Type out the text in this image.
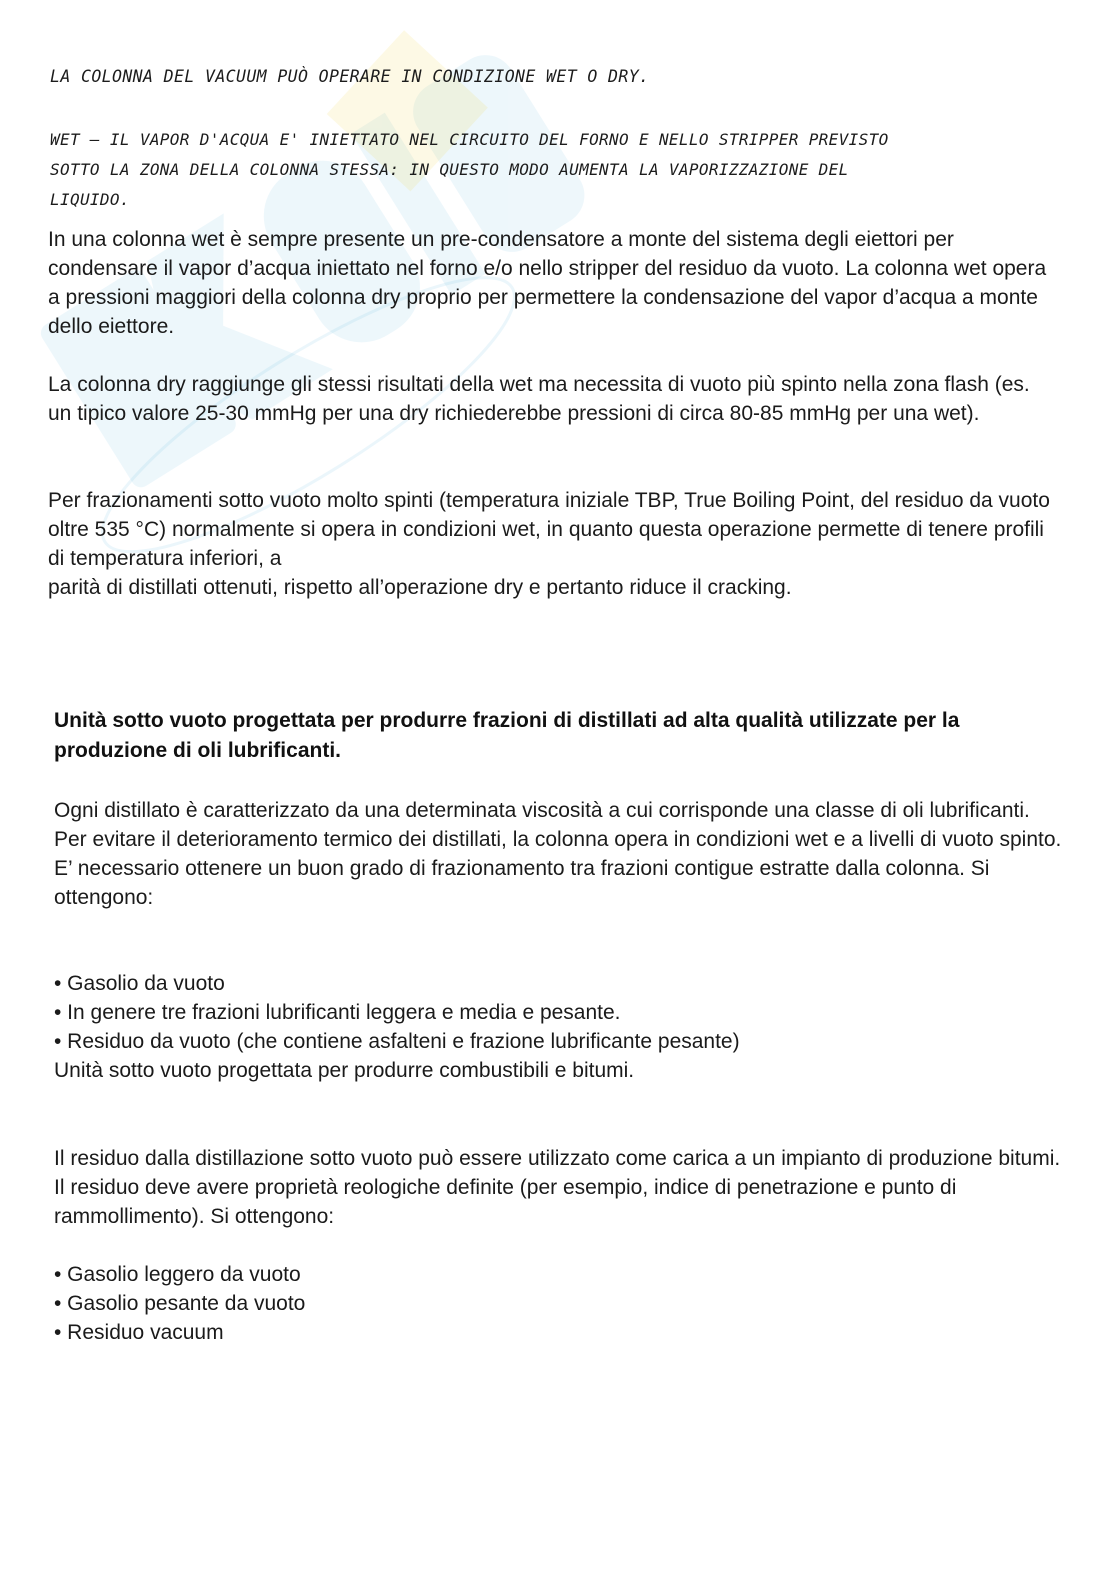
LA COLONNA DEL VACUUM PUÒ OPERARE IN CONDIZIONE WET O DRY.
WET – IL VAPOR D'ACQUA E' INIETTATO NEL CIRCUITO DEL FORNO E NELLO STRIPPER PREVISTO
SOTTO LA ZONA DELLA COLONNA STESSA: IN QUESTO MODO AUMENTA LA VAPORIZZAZIONE DEL
LIQUIDO.

In una colonna wet è sempre presente un pre-condensatore a monte del sistema degli eiettori per condensare il vapor d’acqua iniettato nel forno e/o nello stripper del residuo da vuoto. La colonna wet opera a pressioni maggiori della colonna dry proprio per permettere la condensazione del vapor d’acqua a monte dello eiettore.

La colonna dry raggiunge gli stessi risultati della wet ma necessita di vuoto più spinto nella zona flash (es. un tipico valore 25-30 mmHg per una dry richiederebbe pressioni di circa 80-85 mmHg per una wet).

Per frazionamenti sotto vuoto molto spinti (temperatura iniziale TBP, True Boiling Point, del residuo da vuoto oltre 535 °C) normalmente si opera in condizioni wet, in quanto questa operazione permette di tenere profili di temperatura inferiori, a
parità di distillati ottenuti, rispetto all’operazione dry e pertanto riduce il cracking.

Unità sotto vuoto progettata per produrre frazioni di distillati ad alta qualità utilizzate per la produzione di oli lubrificanti.

Ogni distillato è caratterizzato da una determinata viscosità a cui corrisponde una classe di oli lubrificanti. Per evitare il deterioramento termico dei distillati, la colonna opera in condizioni wet e a livelli di vuoto spinto.
E’ necessario ottenere un buon grado di frazionamento tra frazioni contigue estratte dalla colonna. Si ottengono:

• Gasolio da vuoto
• In genere tre frazioni lubrificanti leggera e media e pesante.
• Residuo da vuoto (che contiene asfalteni e frazione lubrificante pesante)
Unità sotto vuoto progettata per produrre combustibili e bitumi.

Il residuo dalla distillazione sotto vuoto può essere utilizzato come carica a un impianto di produzione bitumi. Il residuo deve avere proprietà reologiche definite (per esempio, indice di penetrazione e punto di rammollimento). Si ottengono:

• Gasolio leggero da vuoto
• Gasolio pesante da vuoto
• Residuo vacuum
